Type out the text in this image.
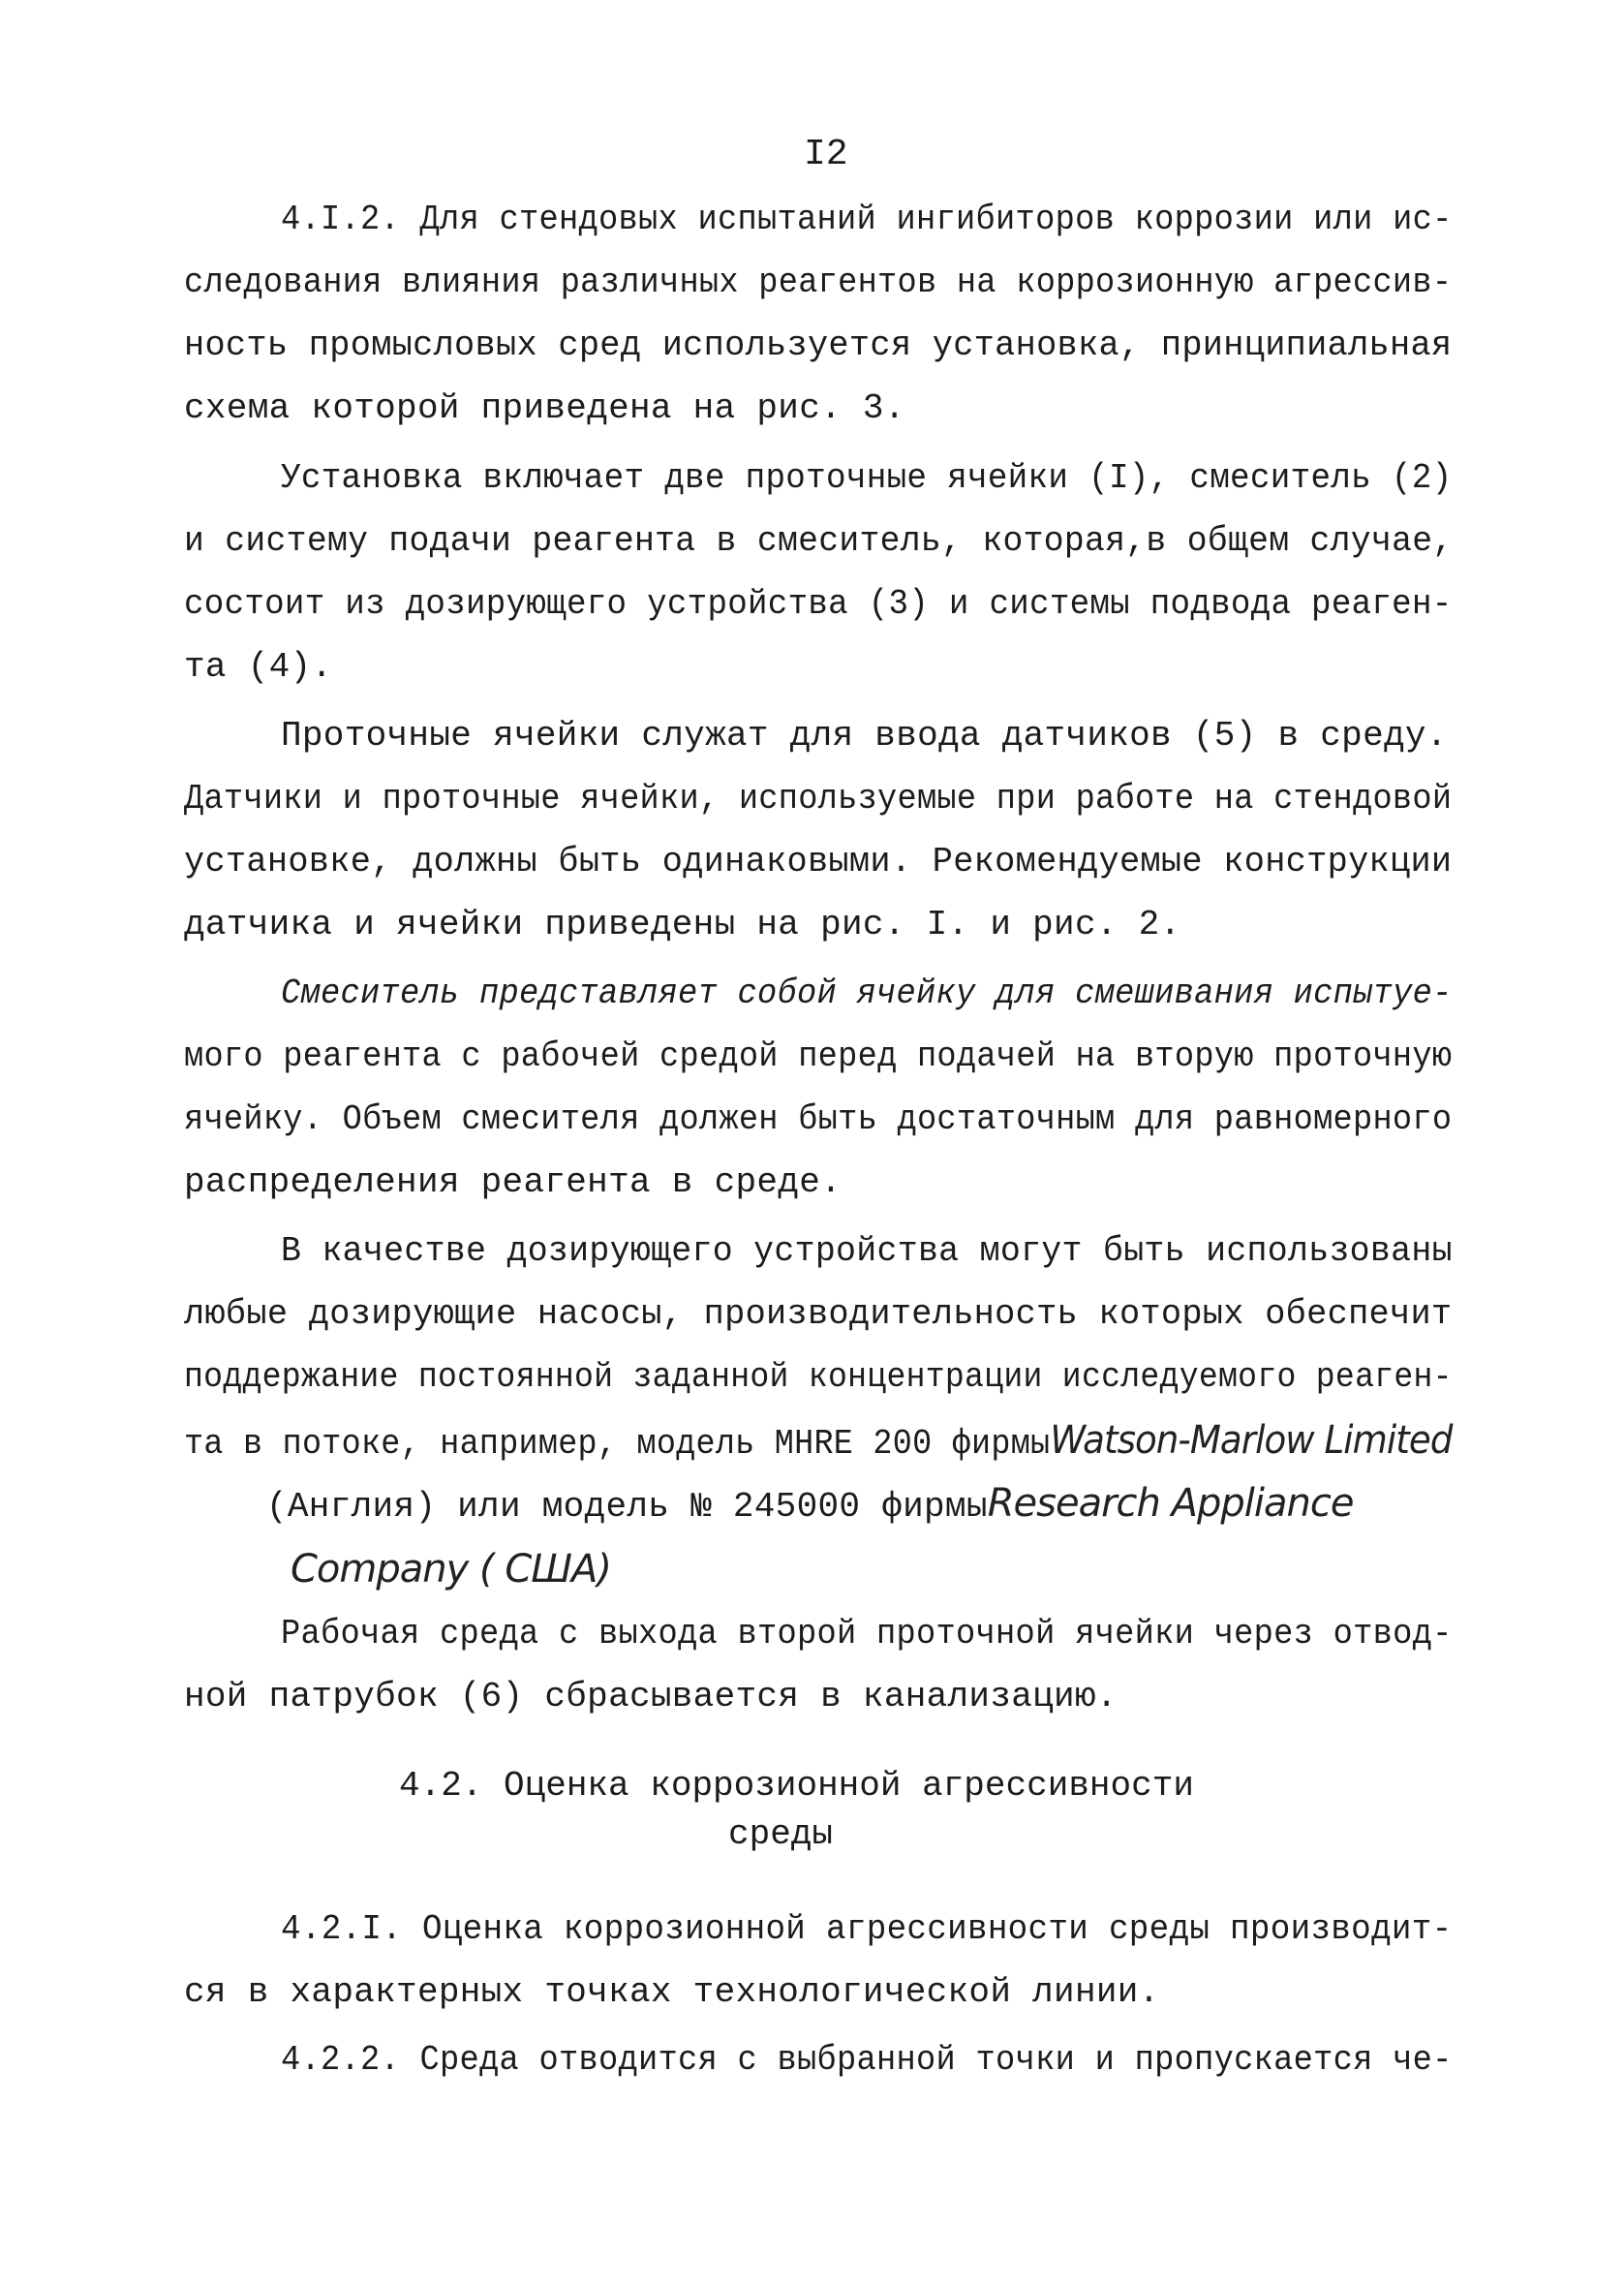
I2
4.I.2. Для стендовых испытаний ингибиторов коррозии или ис-
следования влияния различных реагентов на коррозионную агрессив-
ность промысловых сред используется установка, принципиальная
схема которой приведена на рис. 3.
Установка включает две проточные ячейки (I), смеситель (2)
и систему подачи реагента в смеситель, которая,в общем случае,
состоит из дозирующего устройства (3) и системы подвода реаген-
та (4).
Проточные ячейки служат для ввода датчиков (5) в среду.
Датчики и проточные ячейки, используемые при работе на стендовой
установке, должны быть одинаковыми. Рекомендуемые конструкции
датчика и ячейки приведены на рис. I. и рис. 2.
Смеситель представляет собой ячейку для смешивания испытуе-
мого реагента с рабочей средой перед подачей на вторую проточную
ячейку. Объем смесителя должен быть достаточным для равномерного
распределения реагента в среде.
В качестве дозирующего устройства могут быть использованы
любые дозирующие насосы, производительность которых обеспечит
поддержание постоянной заданной концентрации исследуемого реаген-
та в потоке, например, модель MHRE 200 фирмыWatson-Marlow Limited
(Англия) или модель № 245000 фирмыResearch Appliance
Company ( США)
Рабочая среда с выхода второй проточной ячейки через отвод-
ной патрубок (6) сбрасывается в канализацию.
4.2. Оценка коррозионной агрессивности
среды
4.2.I. Оценка коррозионной агрессивности среды производит-
ся в характерных точках технологической линии.
4.2.2. Среда отводится с выбранной точки и пропускается че-
